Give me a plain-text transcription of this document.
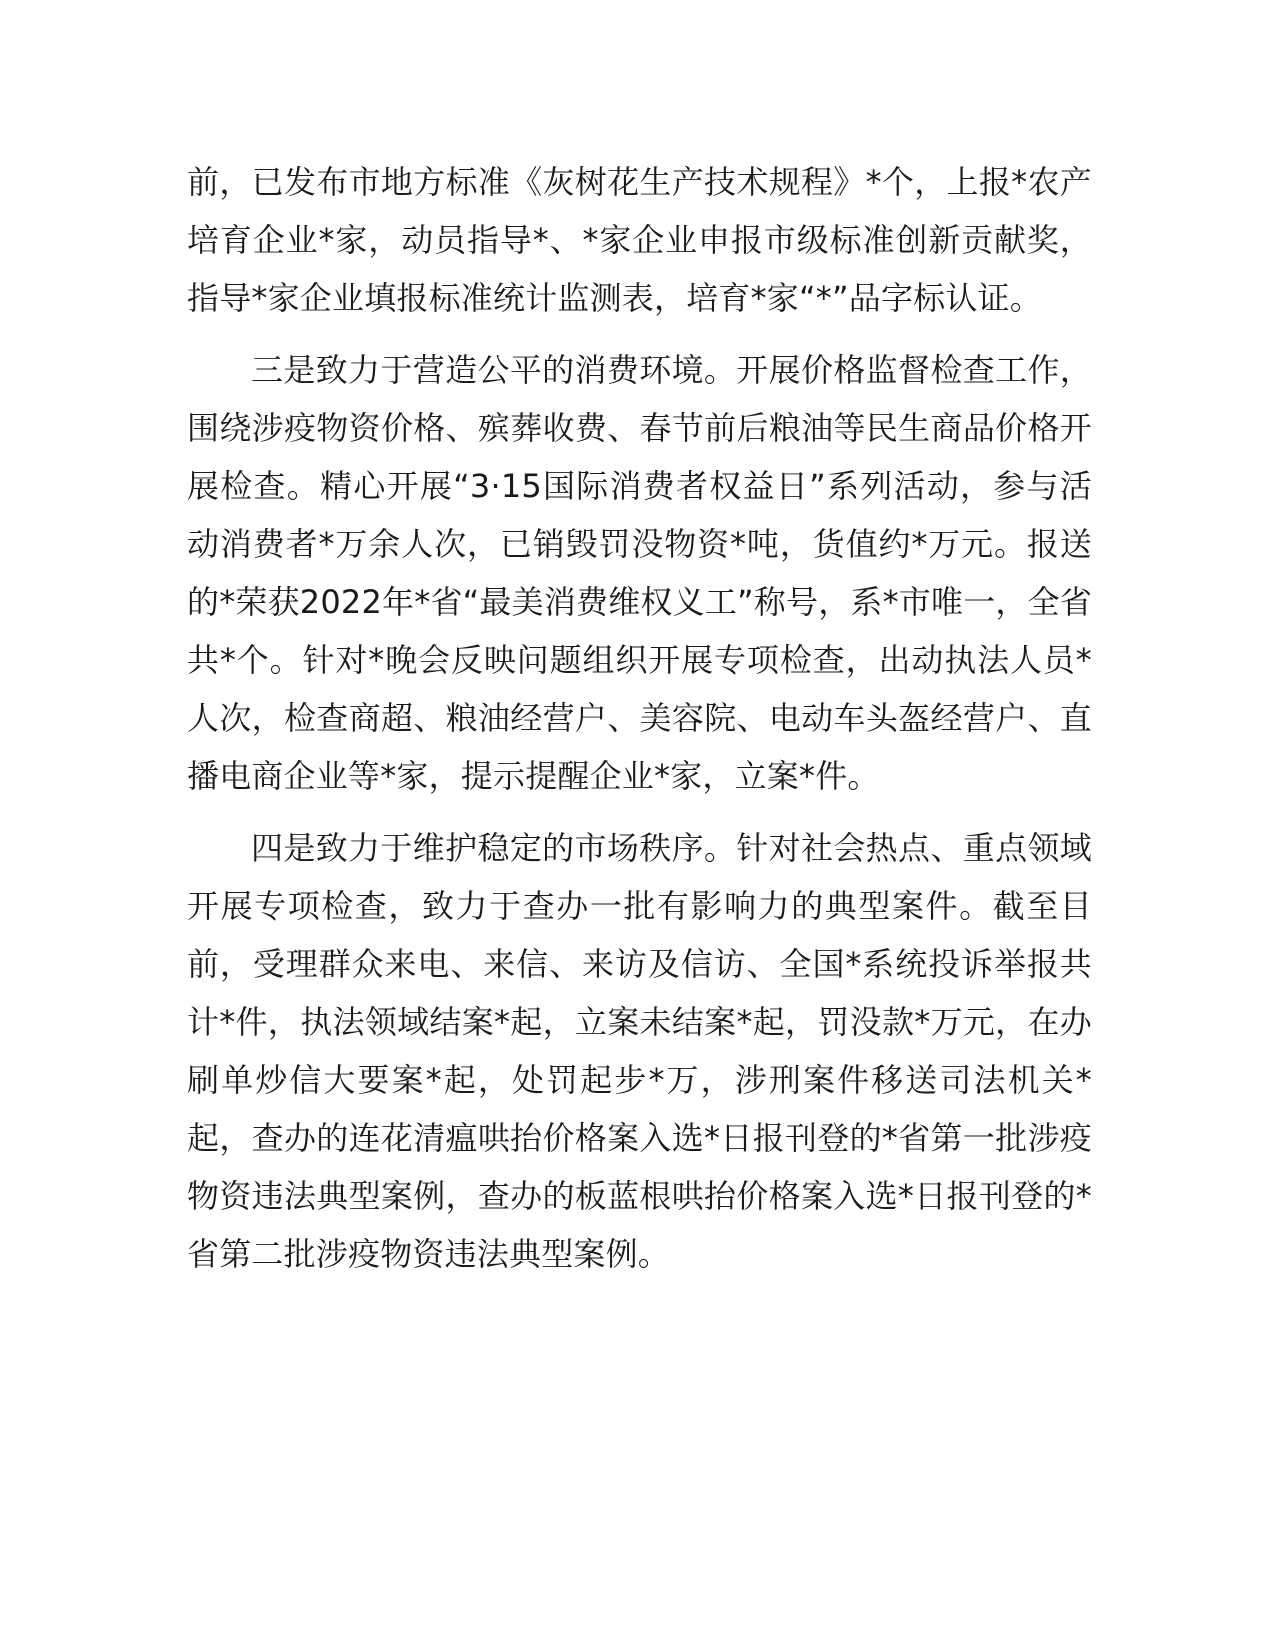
前，已发布市地方标准《灰树花生产技术规程》*个，上报*农产培育企业*家，动员指导*、*家企业申报市级标准创新贡献奖，指导*家企业填报标准统计监测表，培育*家“*”品字标认证。

三是致力于营造公平的消费环境。开展价格监督检查工作，围绕涉疫物资价格、殡葬收费、春节前后粮油等民生商品价格开展检查。精心开展“3·15国际消费者权益日”系列活动，参与活动消费者*万余人次，已销毁罚没物资*吨，货值约*万元。报送的*荣获2022年*省“最美消费维权义工”称号，系*市唯一，全省共*个。针对*晚会反映问题组织开展专项检查，出动执法人员*人次，检查商超、粮油经营户、美容院、电动车头盔经营户、直播电商企业等*家，提示提醒企业*家，立案*件。

四是致力于维护稳定的市场秩序。针对社会热点、重点领域开展专项检查，致力于查办一批有影响力的典型案件。截至目前，受理群众来电、来信、来访及信访、全国*系统投诉举报共计*件，执法领域结案*起，立案未结案*起，罚没款*万元，在办刷单炒信大要案*起，处罚起步*万，涉刑案件移送司法机关*起，查办的连花清瘟哄抬价格案入选*日报刊登的*省第一批涉疫物资违法典型案例，查办的板蓝根哄抬价格案入选*日报刊登的*省第二批涉疫物资违法典型案例。
